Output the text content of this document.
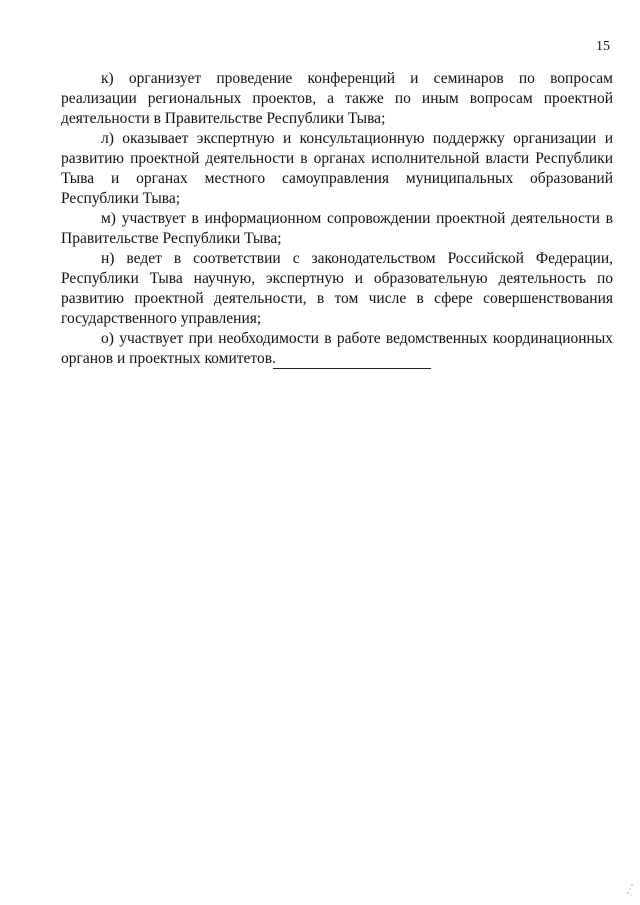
15

к) организует проведение конференций и семинаров по вопросам реализации региональных проектов, а также по иным вопросам проектной деятельности в Правительстве Республики Тыва;

л) оказывает экспертную и консультационную поддержку организации и развитию проектной деятельности в органах исполнительной власти Республики Тыва и органах местного самоуправления муниципальных образований Республики Тыва;

м) участвует в информационном сопровождении проектной деятельности в Правительстве Республики Тыва;

н) ведет в соответствии с законодательством Российской Федерации, Республики Тыва научную, экспертную и образовательную деятельность по развитию проектной деятельности, в том числе в сфере совершенствования государственного управления;

о) участвует при необходимости в работе ведомственных координационных органов и проектных комитетов.
